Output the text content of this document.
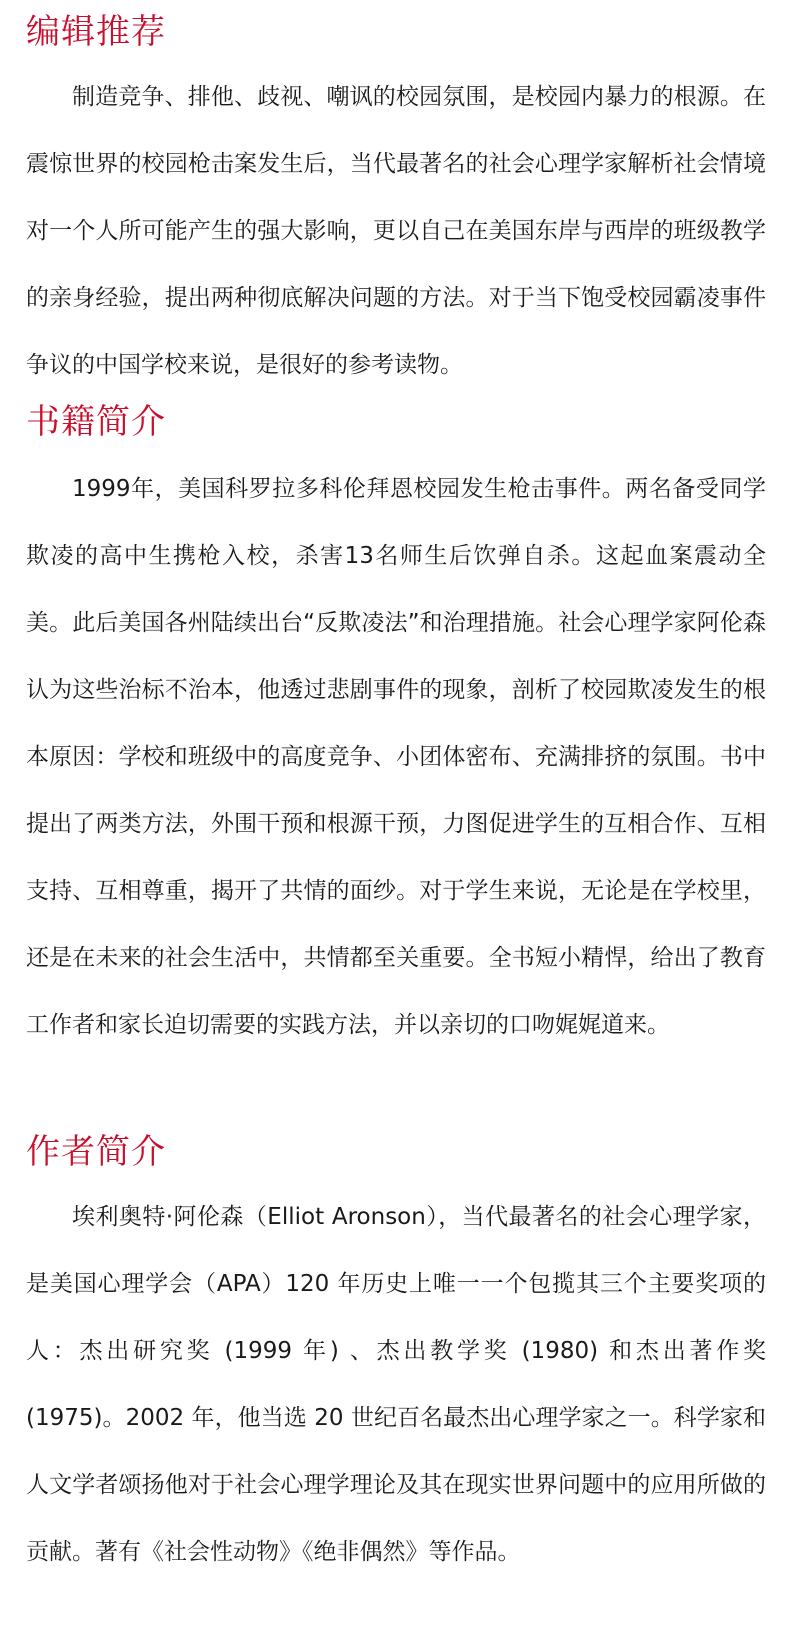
编辑推荐

制造竞争、排他、歧视、嘲讽的校园氛围，是校园内暴力的根源。在震惊世界的校园枪击案发生后，当代最著名的社会心理学家解析社会情境对一个人所可能产生的强大影响，更以自己在美国东岸与西岸的班级教学的亲身经验，提出两种彻底解决问题的方法。对于当下饱受校园霸凌事件争议的中国学校来说，是很好的参考读物。

书籍简介

1999年，美国科罗拉多科伦拜恩校园发生枪击事件。两名备受同学欺凌的高中生携枪入校，杀害13名师生后饮弹自杀。这起血案震动全美。此后美国各州陆续出台“反欺凌法”和治理措施。社会心理学家阿伦森认为这些治标不治本，他透过悲剧事件的现象，剖析了校园欺凌发生的根本原因：学校和班级中的高度竞争、小团体密布、充满排挤的氛围。书中提出了两类方法，外围干预和根源干预，力图促进学生的互相合作、互相支持、互相尊重，揭开了共情的面纱。对于学生来说，无论是在学校里，还是在未来的社会生活中，共情都至关重要。全书短小精悍，给出了教育工作者和家长迫切需要的实践方法，并以亲切的口吻娓娓道来。

作者简介

埃利奥特·阿伦森（Elliot Aronson），当代最著名的社会心理学家，是美国心理学会（APA）120 年历史上唯一一个包揽其三个主要奖项的人：杰出研究奖 (1999 年) 、杰出教学奖 (1980) 和杰出著作奖 (1975)。2002 年，他当选 20 世纪百名最杰出心理学家之一。科学家和人文学者颂扬他对于社会心理学理论及其在现实世界问题中的应用所做的贡献。著有《社会性动物》《绝非偶然》等作品。
